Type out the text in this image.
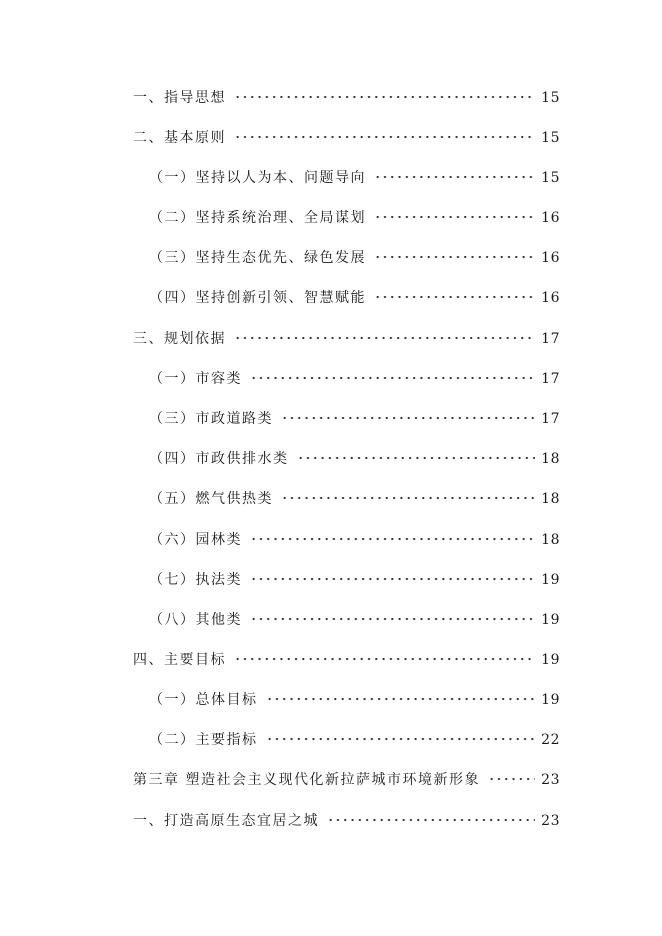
一、指导思想	15
二、基本原则	15
（一）坚持以人为本、问题导向	15
（二）坚持系统治理、全局谋划	16
（三）坚持生态优先、绿色发展	16
（四）坚持创新引领、智慧赋能	16
三、规划依据	17
（一）市容类	17
（三）市政道路类	17
（四）市政供排水类	18
（五）燃气供热类	18
（六）园林类	18
（七）执法类	19
（八）其他类	19
四、主要目标	19
（一）总体目标	19
（二）主要指标	22
第三章 塑造社会主义现代化新拉萨城市环境新形象	23
一、打造高原生态宜居之城	23
